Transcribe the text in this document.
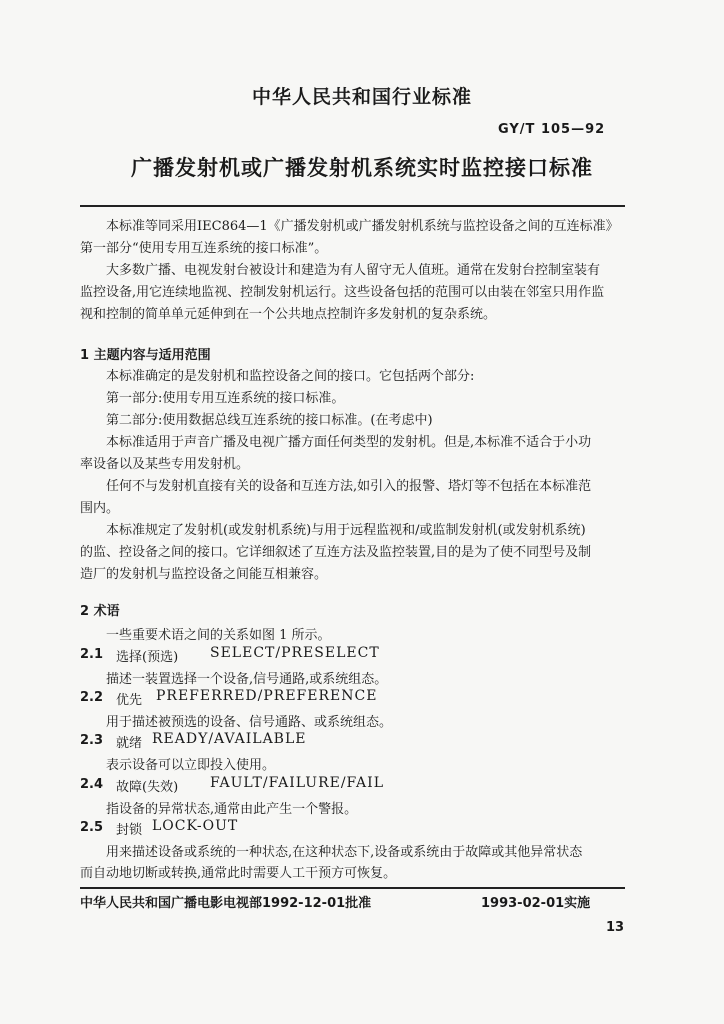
中华人民共和国行业标准
GY/T 105—92
广播发射机或广播发射机系统实时监控接口标准
本标准等同采用IEC864—1《广播发射机或广播发射机系统与监控设备之间的互连标准》
第一部分“使用专用互连系统的接口标准”。
大多数广播、电视发射台被设计和建造为有人留守无人值班。通常在发射台控制室装有
监控设备,用它连续地监视、控制发射机运行。这些设备包括的范围可以由装在邻室只用作监
视和控制的简单单元延伸到在一个公共地点控制许多发射机的复杂系统。
1 主题内容与适用范围
本标准确定的是发射机和监控设备之间的接口。它包括两个部分:
第一部分:使用专用互连系统的接口标准。
第二部分:使用数据总线互连系统的接口标准。(在考虑中)
本标准适用于声音广播及电视广播方面任何类型的发射机。但是,本标准不适合于小功
率设备以及某些专用发射机。
任何不与发射机直接有关的设备和互连方法,如引入的报警、塔灯等不包括在本标准范
围内。
本标准规定了发射机(或发射机系统)与用于远程监视和/或监制发射机(或发射机系统)
的监、控设备之间的接口。它详细叙述了互连方法及监控装置,目的是为了使不同型号及制
造厂的发射机与监控设备之间能互相兼容。
2 术语
一些重要术语之间的关系如图 1 所示。
2.1 选择(预选) SELECT/PRESELECT
描述一装置选择一个设备,信号通路,或系统组态。
2.2 优先 PREFERRED/PREFERENCE
用于描述被预选的设备、信号通路、或系统组态。
2.3 就绪 READY/AVAILABLE
表示设备可以立即投入使用。
2.4 故障(失效) FAULT/FAILURE/FAIL
指设备的异常状态,通常由此产生一个警报。
2.5 封锁 LOCK-OUT
用来描述设备或系统的一种状态,在这种状态下,设备或系统由于故障或其他异常状态
而自动地切断或转换,通常此时需要人工干预方可恢复。
中华人民共和国广播电影电视部1992-12-01批准	1993-02-01实施
13
